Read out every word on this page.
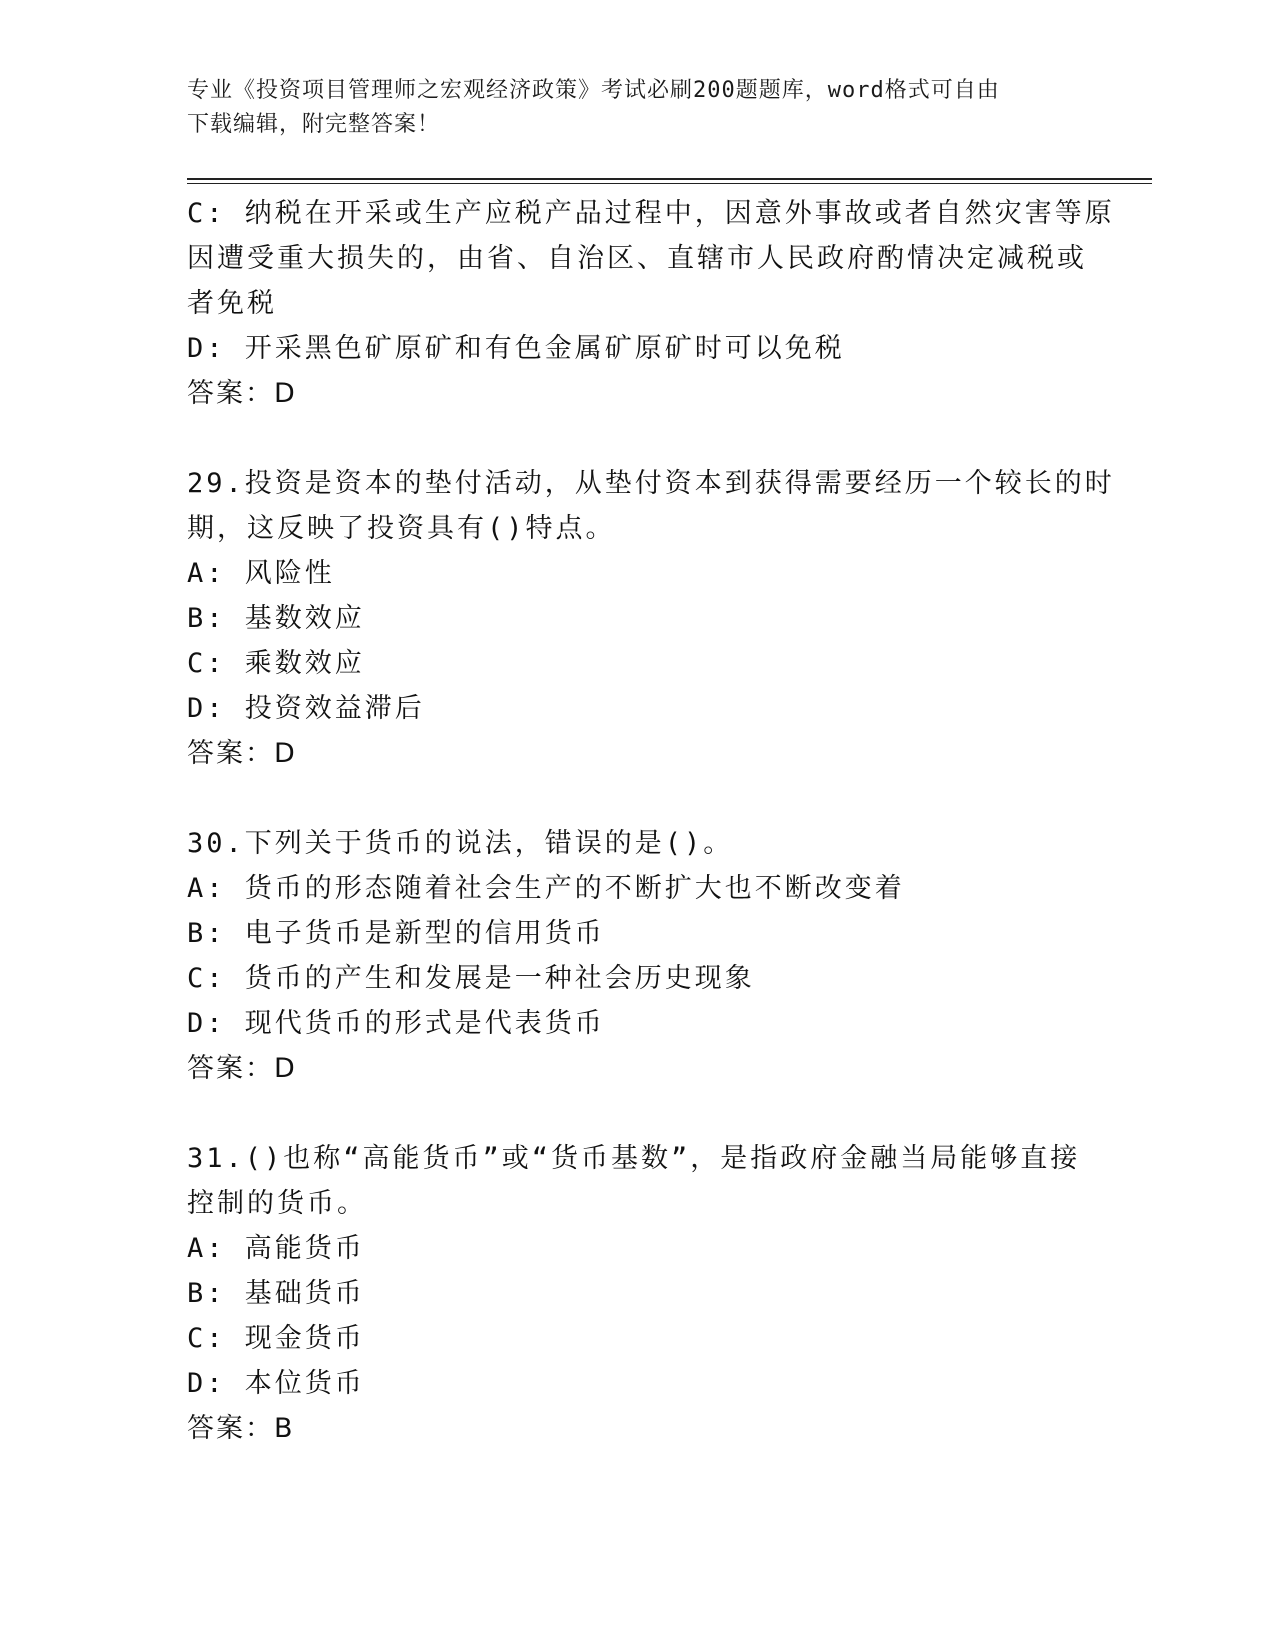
专业《投资项目管理师之宏观经济政策》考试必刷200题题库，word格式可自由
下载编辑，附完整答案！
C: 纳税在开采或生产应税产品过程中，因意外事故或者自然灾害等原
因遭受重大损失的，由省、自治区、直辖市人民政府酌情决定减税或
者免税
D: 开采黑色矿原矿和有色金属矿原矿时可以免税
答案：D
29.投资是资本的垫付活动，从垫付资本到获得需要经历一个较长的时
期，这反映了投资具有()特点。
A: 风险性
B: 基数效应
C: 乘数效应
D: 投资效益滞后
答案：D
30.下列关于货币的说法，错误的是()。
A: 货币的形态随着社会生产的不断扩大也不断改变着
B: 电子货币是新型的信用货币
C: 货币的产生和发展是一种社会历史现象
D: 现代货币的形式是代表货币
答案：D
31.()也称“高能货币”或“货币基数”，是指政府金融当局能够直接
控制的货币。
A: 高能货币
B: 基础货币
C: 现金货币
D: 本位货币
答案：B
